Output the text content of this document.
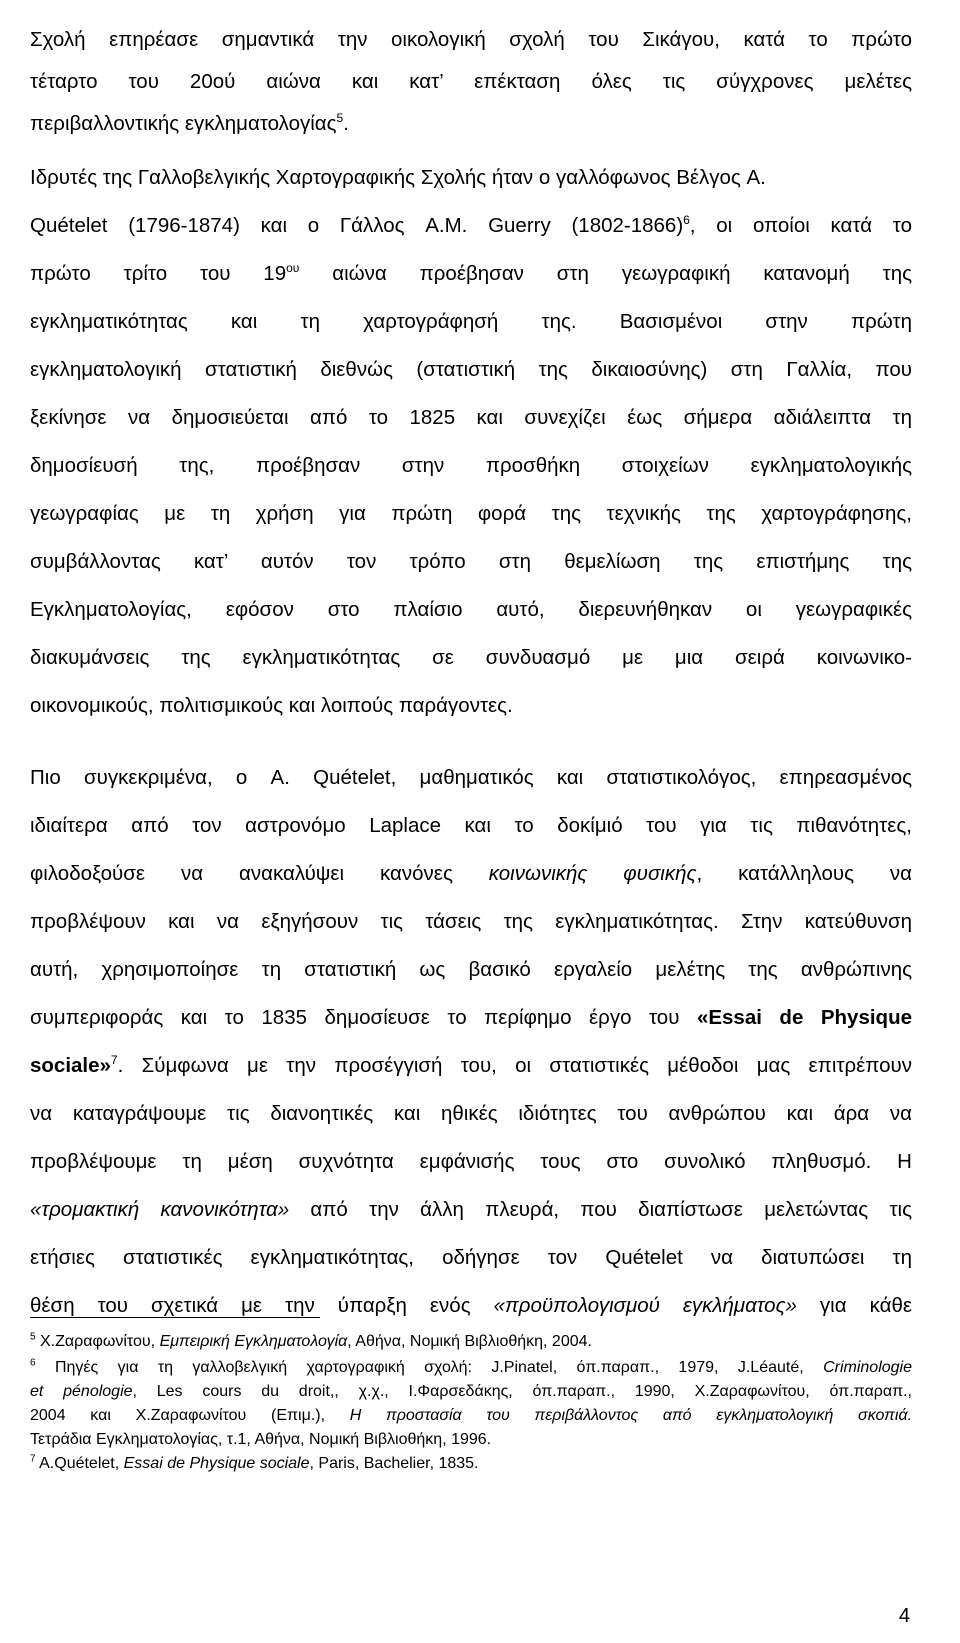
Σχολή επηρέασε σημαντικά την οικολογική σχολή του Σικάγου, κατά το πρώτο
τέταρτο του 20ού αιώνα και κατ’ επέκταση όλες τις σύγχρονες μελέτες
περιβαλλοντικής εγκληματολογίας$^5$.
Ιδρυτές της Γαλλοβελγικής Χαρτογραφικής Σχολής ήταν ο γαλλόφωνος Βέλγος A.
Quételet (1796-1874) και ο Γάλλος A.M. Guerry (1802-1866)$^6$, οι οποίοι κατά το
πρώτο τρίτο του $19^{o\upsilon}$ αιώνα προέβησαν στη γεωγραφική κατανομή της
εγκληματικότητας και τη χαρτογράφησή της. Βασισμένοι στην πρώτη
εγκληματολογική στατιστική διεθνώς (στατιστική της δικαιοσύνης) στη Γαλλία, που
ξεκίνησε να δημοσιεύεται από το 1825 και συνεχίζει έως σήμερα αδιάλειπτα τη
δημοσίευσή της, προέβησαν στην προσθήκη στοιχείων εγκληματολογικής
γεωγραφίας με τη χρήση για πρώτη φορά της τεχνικής της χαρτογράφησης,
συμβάλλοντας κατ’ αυτόν τον τρόπο στη θεμελίωση της επιστήμης της
Εγκληματολογίας, εφόσον στο πλαίσιο αυτό, διερευνήθηκαν οι γεωγραφικές
διακυμάνσεις της εγκληματικότητας σε συνδυασμό με μια σειρά κοινωνικο-
οικονομικούς, πολιτισμικούς και λοιπούς παράγοντες.
Πιο συγκεκριμένα, ο A. Quételet, μαθηματικός και στατιστικολόγος, επηρεασμένος
ιδιαίτερα από τον αστρονόμο Laplace και το δοκίμιό του για τις πιθανότητες,
φιλοδοξούσε να ανακαλύψει κανόνες κοινωνικής φυσικής, κατάλληλους να
προβλέψουν και να εξηγήσουν τις τάσεις της εγκληματικότητας. Στην κατεύθυνση
αυτή, χρησιμοποίησε τη στατιστική ως βασικό εργαλείο μελέτης της ανθρώπινης
συμπεριφοράς και το 1835 δημοσίευσε το περίφημο έργο του «Essai de Physique
sociale»$^7$. Σύμφωνα με την προσέγγισή του, οι στατιστικές μέθοδοι μας επιτρέπουν
να καταγράψουμε τις διανοητικές και ηθικές ιδιότητες του ανθρώπου και άρα να
προβλέψουμε τη μέση συχνότητα εμφάνισής τους στο συνολικό πληθυσμό. Η
«τρομακτική κανονικότητα» από την άλλη πλευρά, που διαπίστωσε μελετώντας τις
ετήσιες στατιστικές εγκληματικότητας, οδήγησε τον Quételet να διατυπώσει τη
θέση του σχετικά με την ύπαρξη ενός «προϋπολογισμού εγκλήματος» για κάθε
$^5$ Χ.Ζαραφωνίτου, Εμπειρική Εγκληματολογία, Αθήνα, Νομική Βιβλιοθήκη, 2004.
$^6$ Πηγές για τη γαλλοβελγική χαρτογραφική σχολή: J.Pinatel, όπ.παραπ., 1979, J.Léauté, Criminologie
et pénologie, Les cours du droit,, χ.χ., Ι.Φαρσεδάκης, όπ.παραπ., 1990, Χ.Ζαραφωνίτου, όπ.παραπ.,
2004 και Χ.Ζαραφωνίτου (Επιμ.), Η προστασία του περιβάλλοντος από εγκληματολογική σκοπιά.
Τετράδια Εγκληματολογίας, τ.1, Αθήνα, Νομική Βιβλιοθήκη, 1996.
$^7$ A.Quételet, Essai de Physique sociale, Paris, Bachelier, 1835.
4
